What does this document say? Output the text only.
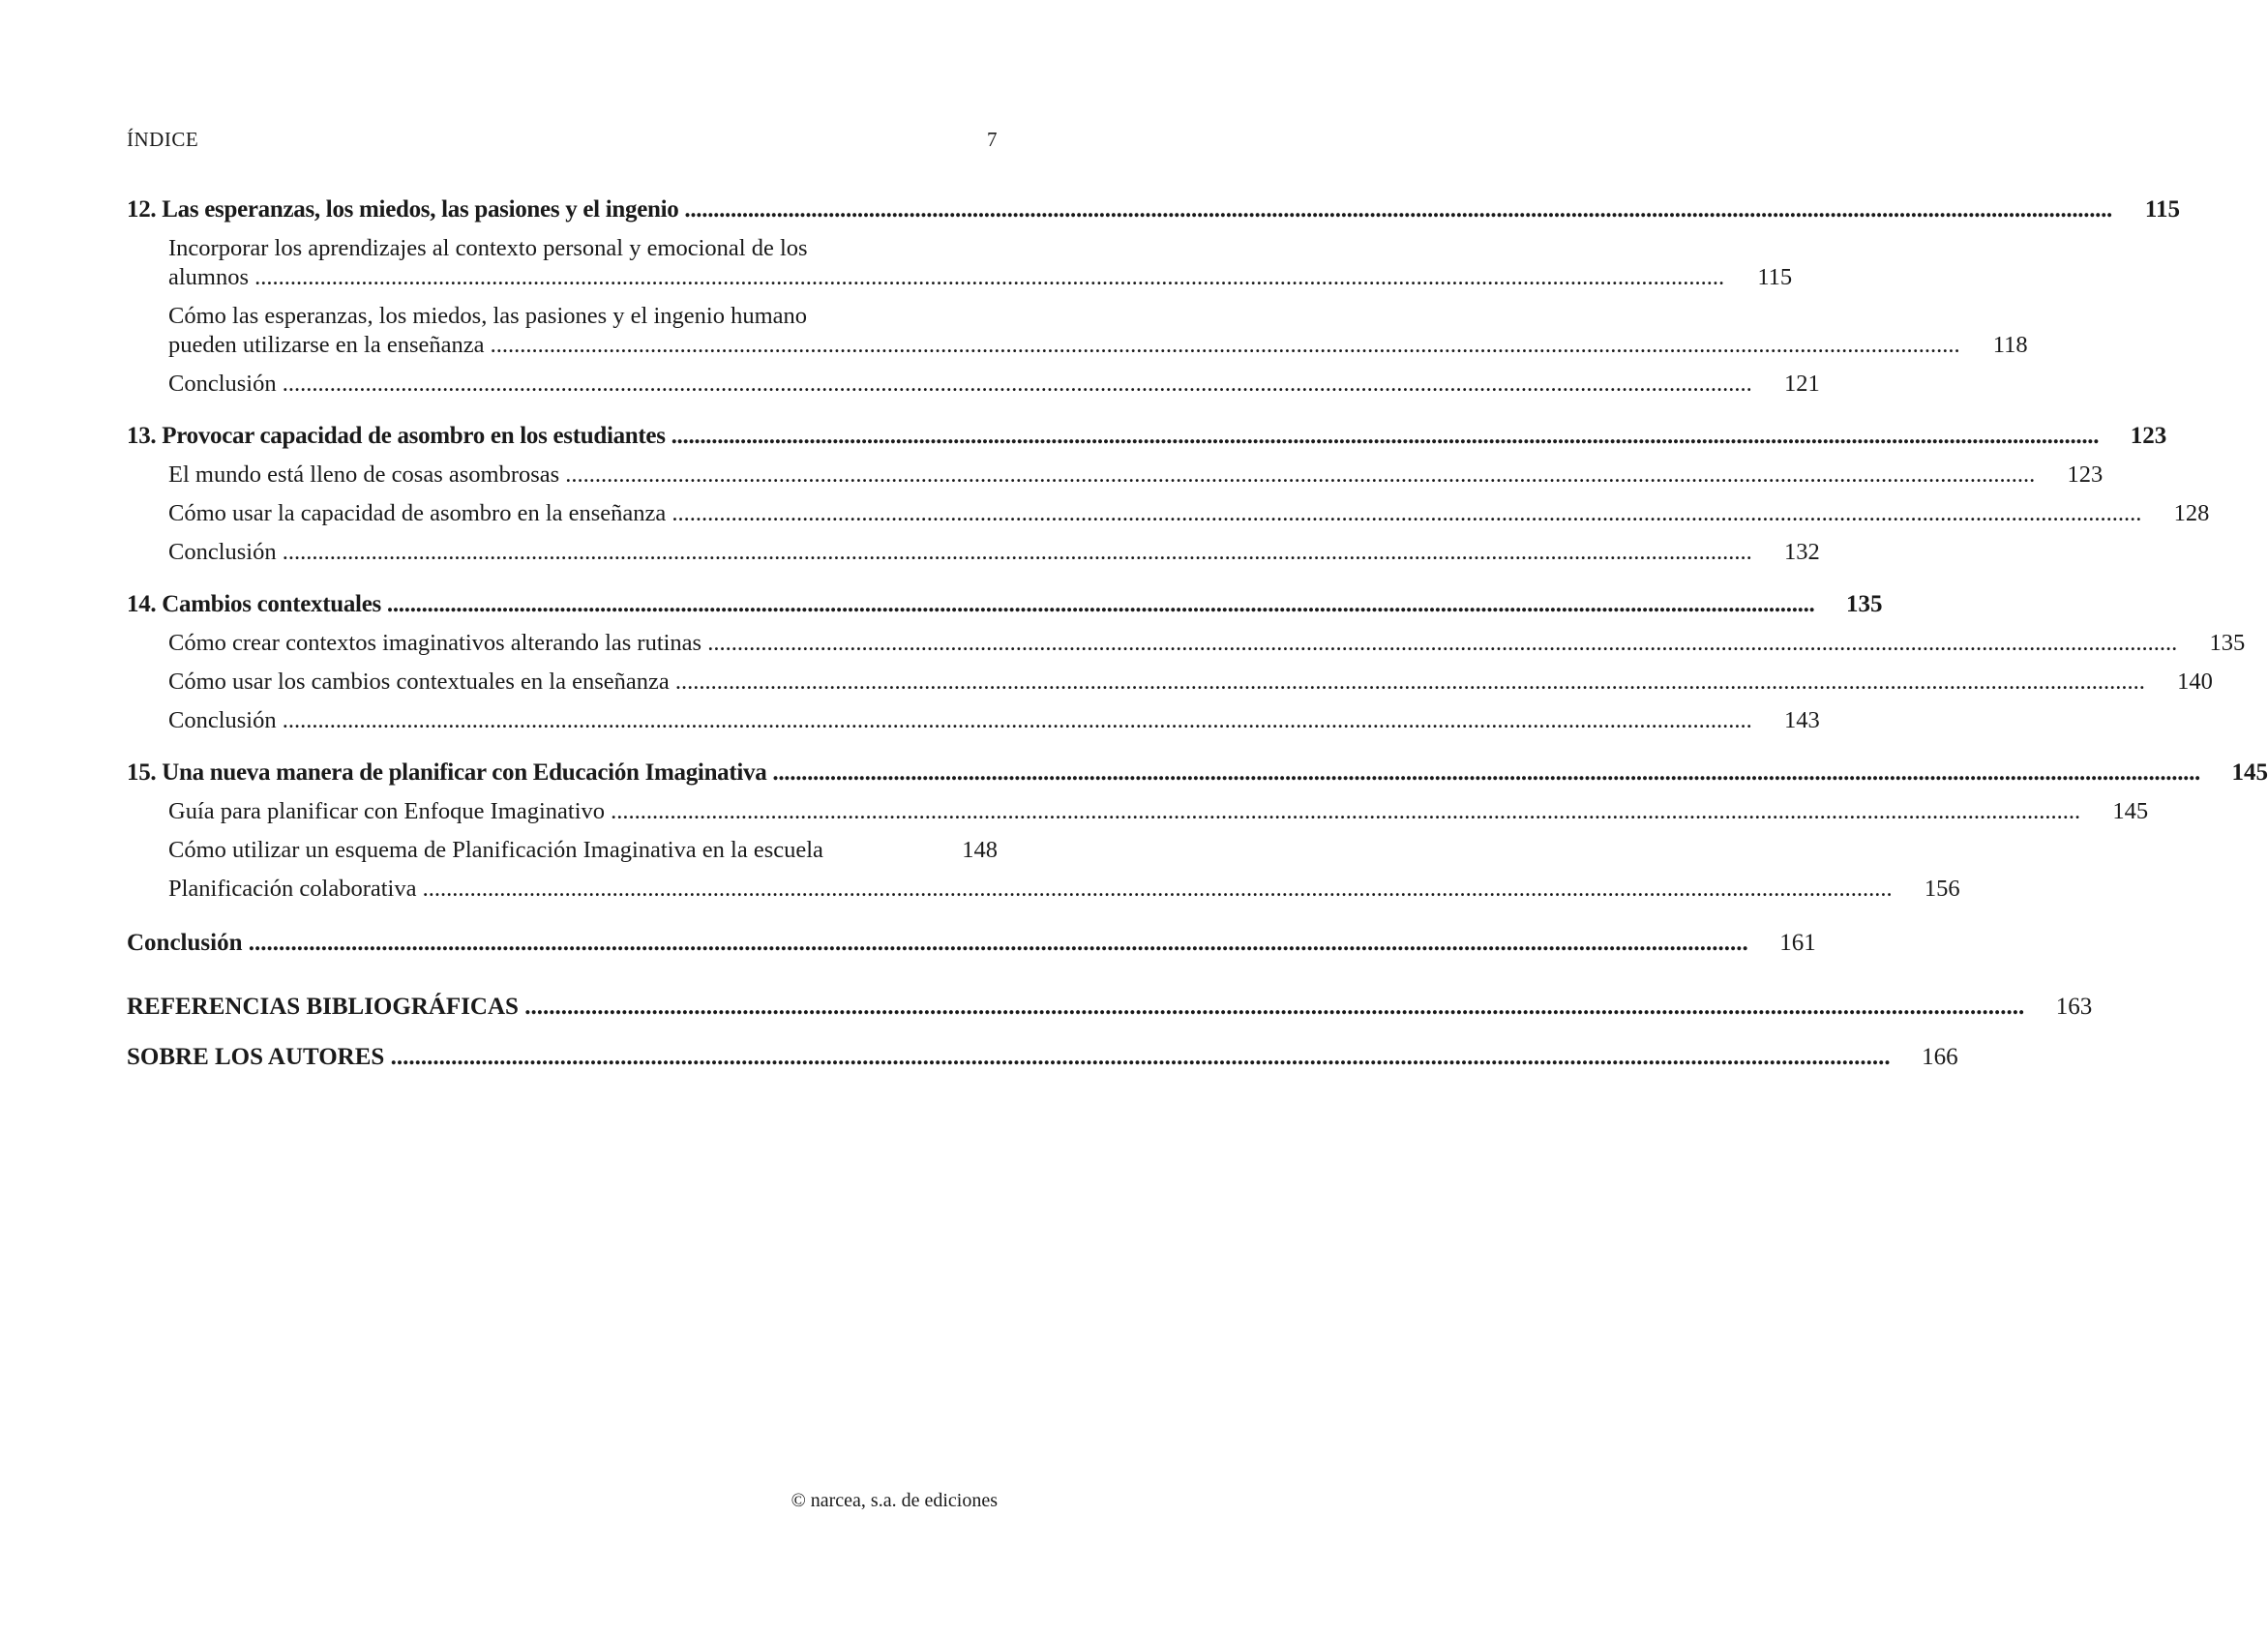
ÍNDICE	7
12. Las esperanzas, los miedos, las pasiones y el ingenio .....	115
Incorporar los aprendizajes al contexto personal y emocional de los
alumnos .....	115
Cómo las esperanzas, los miedos, las pasiones y el ingenio humano
pueden utilizarse en la enseñanza .....	118
Conclusión .....	121
13. Provocar capacidad de asombro en los estudiantes .....	123
El mundo está lleno de cosas asombrosas .....	123
Cómo usar la capacidad de asombro en la enseñanza .....	128
Conclusión .....	132
14. Cambios contextuales .....	135
Cómo crear contextos imaginativos alterando las rutinas .....	135
Cómo usar los cambios contextuales en la enseñanza .....	140
Conclusión .....	143
15. Una nueva manera de planificar con Educación Imaginativa .....	145
Guía para planificar con Enfoque Imaginativo .....	145
Cómo utilizar un esquema de Planificación Imaginativa en la escuela	148
Planificación colaborativa .....	156
Conclusión .....	161
REFERENCIAS BIBLIOGRÁFICAS .....	163
SOBRE LOS AUTORES .....	166
© narcea, s.a. de ediciones
